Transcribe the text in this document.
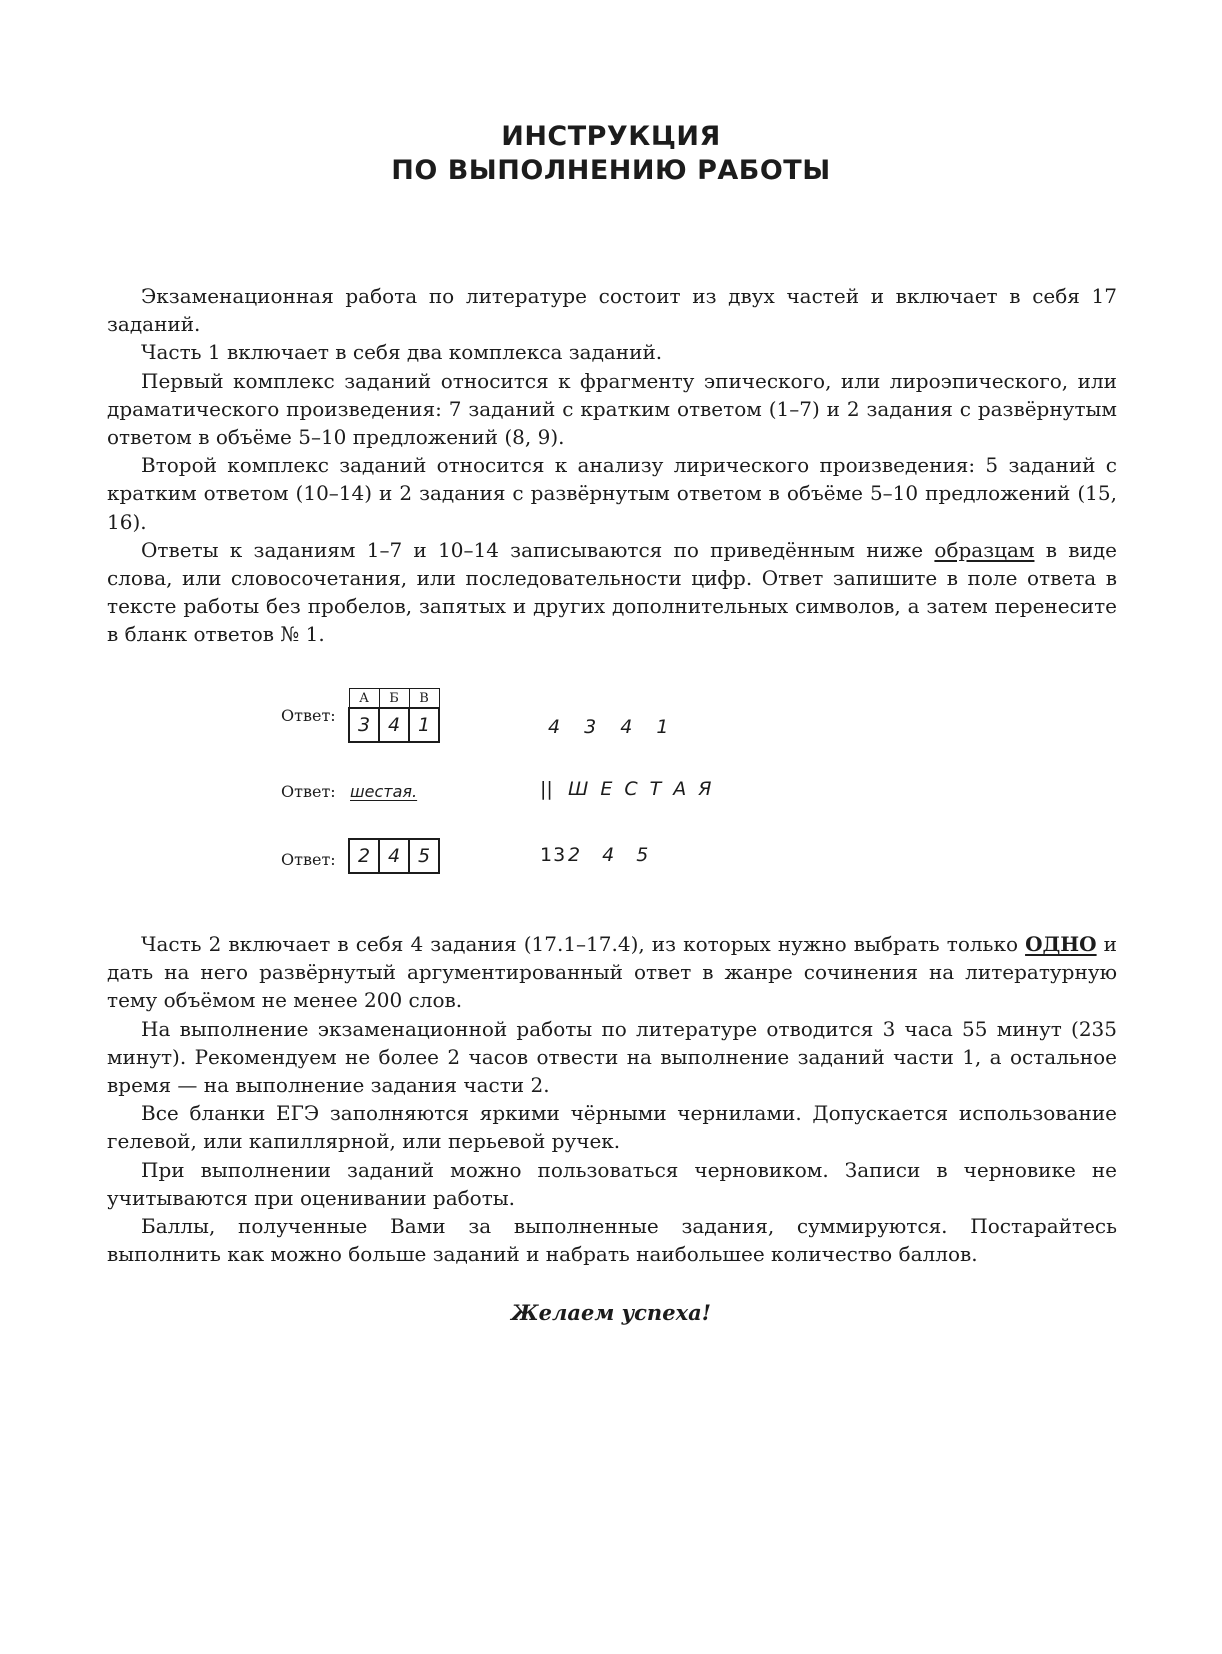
ИНСТРУКЦИЯ
ПО ВЫПОЛНЕНИЮ РАБОТЫ

Экзаменационная работа по литературе состоит из двух частей и включает в себя 17 заданий.

Часть 1 включает в себя два комплекса заданий.

Первый комплекс заданий относится к фрагменту эпического, или лироэпического, или драматического произведения: 7 заданий с кратким ответом (1–7) и 2 задания с развёрнутым ответом в объёме 5–10 предложений (8, 9).

Второй комплекс заданий относится к анализу лирического произведения: 5 заданий с кратким ответом (10–14) и 2 задания с развёрнутым ответом в объёме 5–10 предложений (15, 16).

Ответы к заданиям 1–7 и 10–14 записываются по приведённым ниже образцам в виде слова, или словосочетания, или последовательности цифр. Ответ запишите в поле ответа в тексте работы без пробелов, запятых и других дополнительных символов, а затем перенесите в бланк ответов № 1.

Ответ:
А	Б	В
3	4	1	4 3 4 1
Ответ: шестая.	|| ШЕСТАЯ
Ответ: 2	4	5	13 2 4 5

Часть 2 включает в себя 4 задания (17.1–17.4), из которых нужно выбрать только ОДНО и дать на него развёрнутый аргументированный ответ в жанре сочинения на литературную тему объёмом не менее 200 слов.

На выполнение экзаменационной работы по литературе отводится 3 часа 55 минут (235 минут). Рекомендуем не более 2 часов отвести на выполнение заданий части 1, а остальное время — на выполнение задания части 2.

Все бланки ЕГЭ заполняются яркими чёрными чернилами. Допускается использование гелевой, или капиллярной, или перьевой ручек.

При выполнении заданий можно пользоваться черновиком. Записи в черновике не учитываются при оценивании работы.

Баллы, полученные Вами за выполненные задания, суммируются. Постарайтесь выполнить как можно больше заданий и набрать наибольшее количество баллов.

Желаем успеха!
